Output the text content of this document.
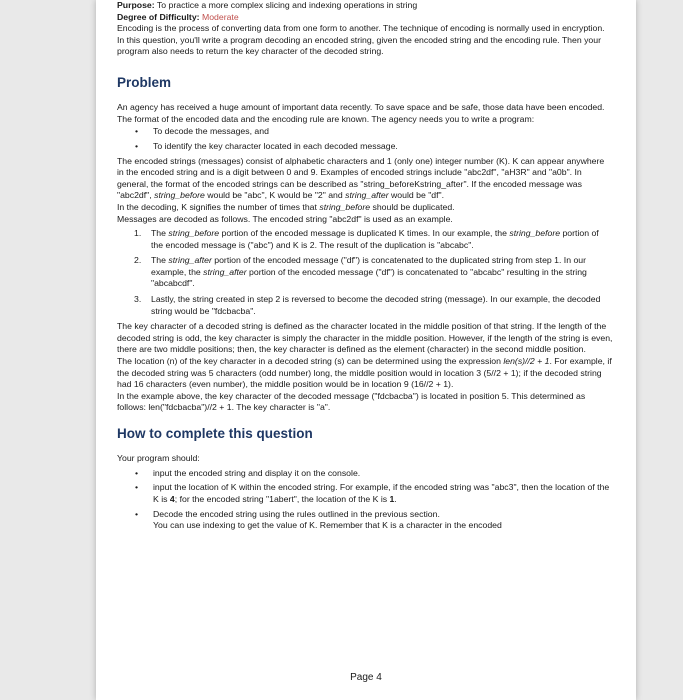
Purpose: To practice a more complex slicing and indexing operations in string

Degree of Difficulty: Moderate

Encoding is the process of converting data from one form to another. The technique of encoding is normally used in encryption. In this question, you'll write a program decoding an encoded string, given the encoded string and the encoding rule. Then your program also needs to return the key character of the decoded string.

Problem

An agency has received a huge amount of important data recently. To save space and be safe, those data have been encoded. The format of the encoded data and the encoding rule are known. The agency needs you to write a program:

• To decode the messages, and
• To identify the key character located in each decoded message.

The encoded strings (messages) consist of alphabetic characters and 1 (only one) integer number (K). K can appear anywhere in the encoded string and is a digit between 0 and 9. Examples of encoded strings include "abc2df", "aH3R" and "a0b". In general, the format of the encoded strings can be described as "string_beforeKstring_after". If the encoded message was "abc2df", string_before would be "abc", K would be "2" and string_after would be "df".

In the decoding, K signifies the number of times that string_before should be duplicated.

Messages are decoded as follows. The encoded string "abc2df" is used as an example.

1. The string_before portion of the encoded message is duplicated K times. In our example, the string_before portion of the encoded message is ("abc") and K is 2. The result of the duplication is "abcabc".
2. The string_after portion of the encoded message ("df") is concatenated to the duplicated string from step 1. In our example, the string_after portion of the encoded message ("df") is concatenated to "abcabc" resulting in the string "abcabcdf".
3. Lastly, the string created in step 2 is reversed to become the decoded string (message). In our example, the decoded string would be "fdcbacba".

The key character of a decoded string is defined as the character located in the middle position of that string. If the length of the decoded string is odd, the key character is simply the character in the middle position. However, if the length of the string is even, there are two middle positions; then, the key character is defined as the element (character) in the second middle position.

The location (n) of the key character in a decoded string (s) can be determined using the expression len(s)//2 + 1. For example, if the decoded string was 5 characters (odd number) long, the middle position would in location 3 (5//2 + 1); if the decoded string had 16 characters (even number), the middle position would be in location 9 (16//2 + 1).

In the example above, the key character of the decoded message ("fdcbacba") is located in position 5. This determined as follows: len("fdcbacba")//2 + 1. The key character is "a".

How to complete this question

Your program should:

• input the encoded string and display it on the console.
• input the location of K within the encoded string. For example, if the encoded string was "abc3", then the location of the K is 4; for the encoded string "1abert", the location of the K is 1.
• Decode the encoded string using the rules outlined in the previous section.
You can use indexing to get the value of K. Remember that K is a character in the encoded
Page 4
